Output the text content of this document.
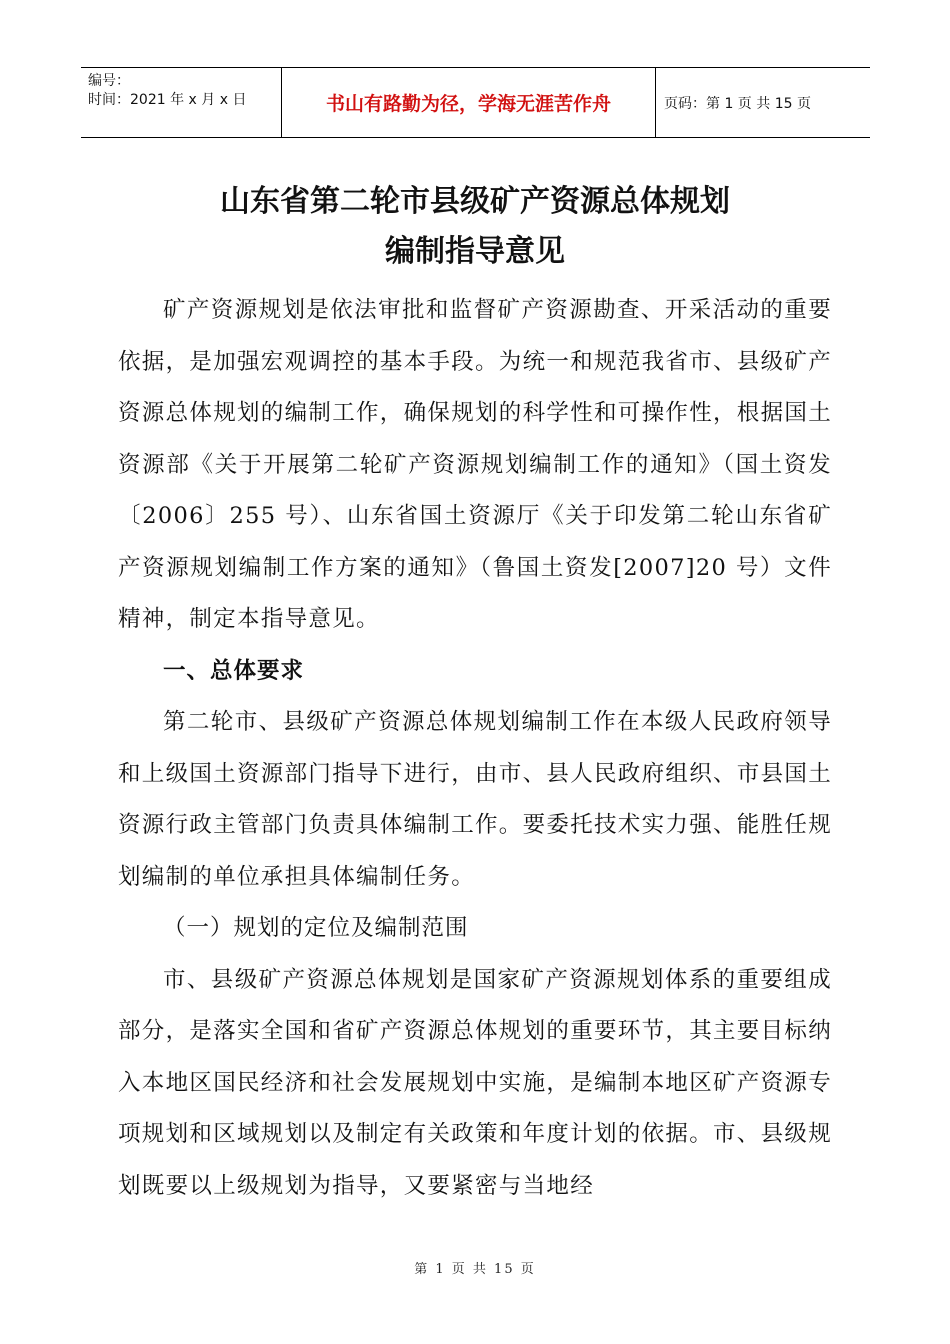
编号：
时间：2021 年 x 月 x 日	书山有路勤为径，学海无涯苦作舟	页码：第 1 页 共 15 页
山东省第二轮市县级矿产资源总体规划
编制指导意见

矿产资源规划是依法审批和监督矿产资源勘查、开采活动的重要依据，是加强宏观调控的基本手段。为统一和规范我省市、县级矿产资源总体规划的编制工作，确保规划的科学性和可操作性，根据国土资源部《关于开展第二轮矿产资源规划编制工作的通知》（国土资发〔2006〕255 号）、山东省国土资源厅《关于印发第二轮山东省矿产资源规划编制工作方案的通知》（鲁国土资发[2007]20 号）文件精神，制定本指导意见。

一、总体要求

第二轮市、县级矿产资源总体规划编制工作在本级人民政府领导和上级国土资源部门指导下进行，由市、县人民政府组织、市县国土资源行政主管部门负责具体编制工作。要委托技术实力强、能胜任规划编制的单位承担具体编制任务。

（一）规划的定位及编制范围

市、县级矿产资源总体规划是国家矿产资源规划体系的重要组成部分，是落实全国和省矿产资源总体规划的重要环节，其主要目标纳入本地区国民经济和社会发展规划中实施，是编制本地区矿产资源专项规划和区域规划以及制定有关政策和年度计划的依据。市、县级规划既要以上级规划为指导，又要紧密与当地经

第 1 页 共 15 页
